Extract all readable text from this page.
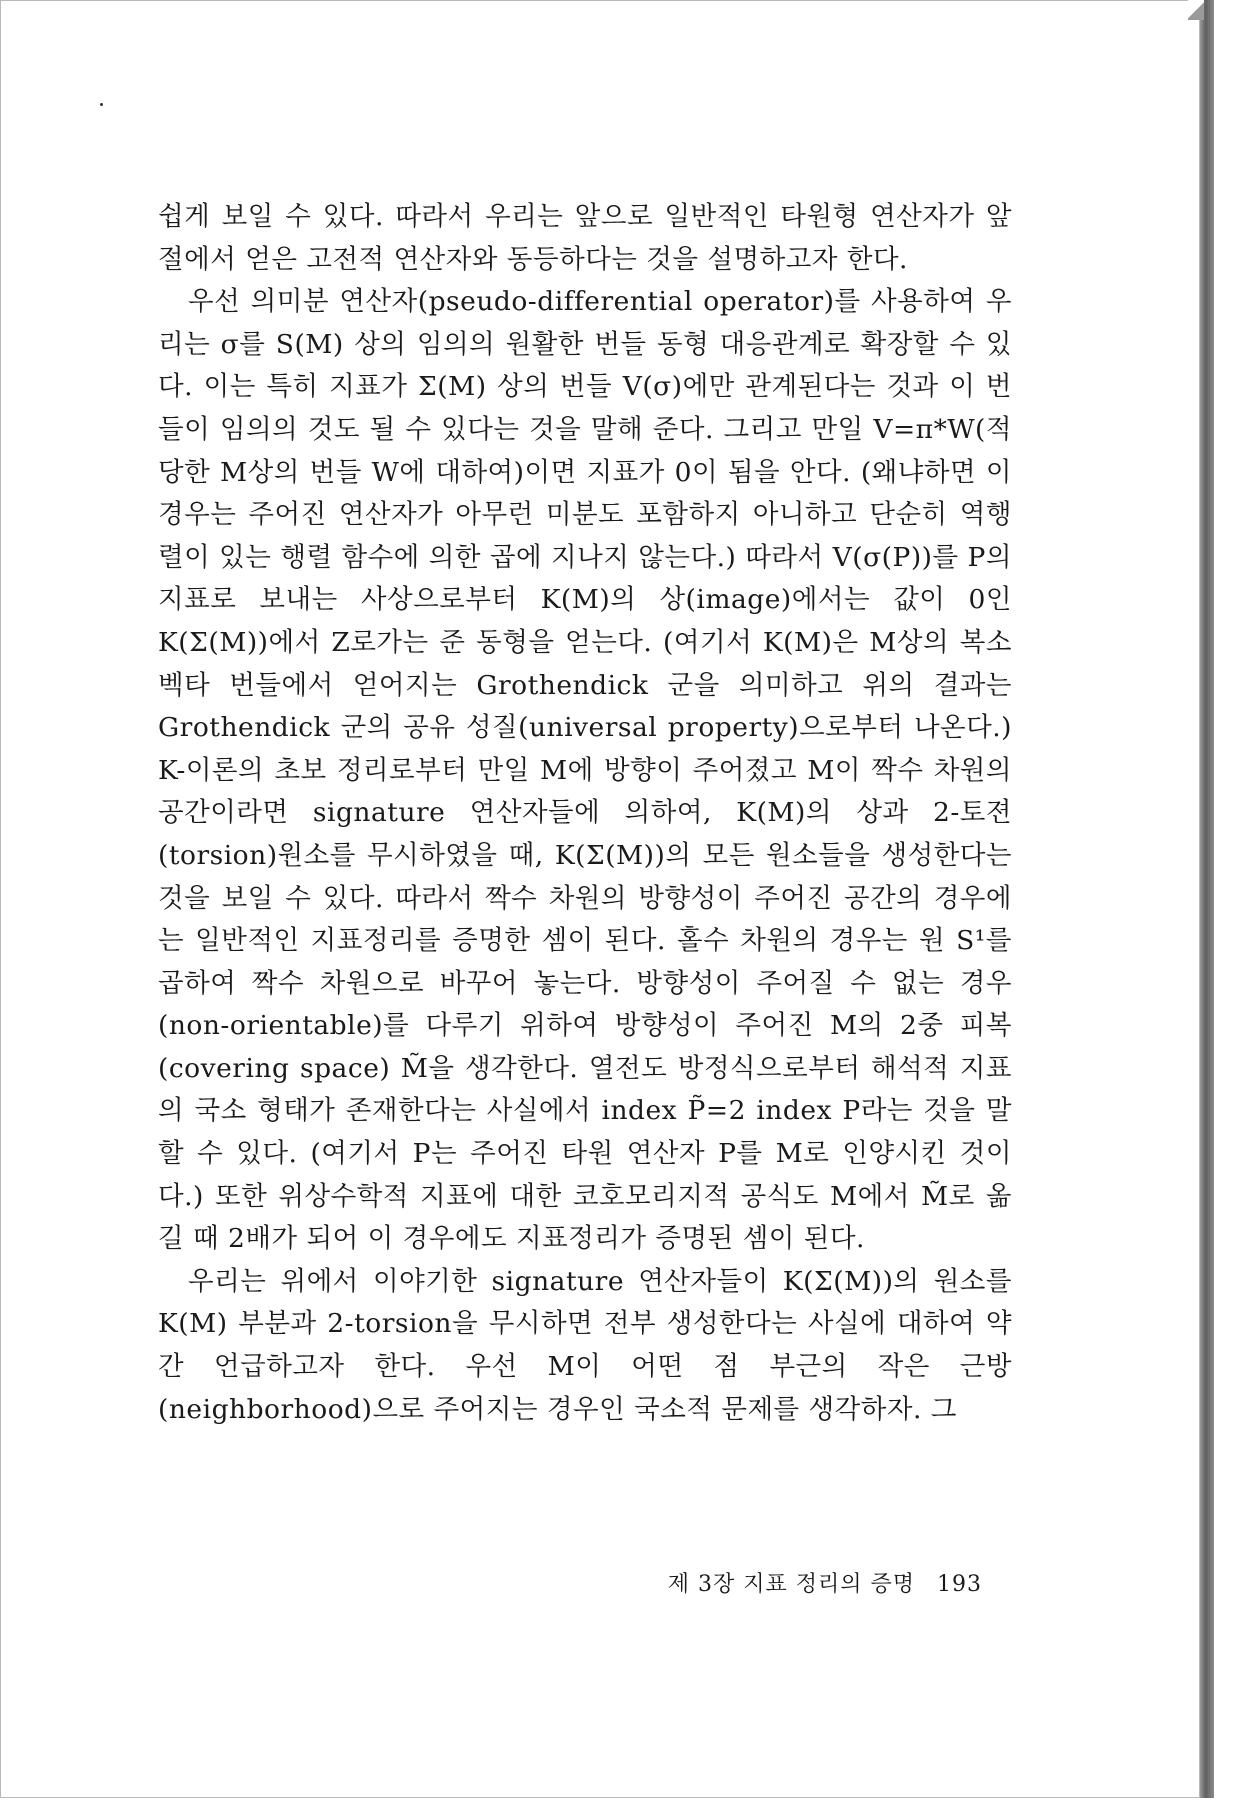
쉽게 보일 수 있다. 따라서 우리는 앞으로 일반적인 타원형 연산자가 앞 절에서 얻은 고전적 연산자와 동등하다는 것을 설명하고자 한다.

우선 의미분 연산자(pseudo-differential operator)를 사용하여 우리는 σ를 S(M) 상의 임의의 원활한 번들 동형 대응관계로 확장할 수 있다. 이는 특히 지표가 Σ(M) 상의 번들 V(σ)에만 관계된다는 것과 이 번들이 임의의 것도 될 수 있다는 것을 말해 준다. 그리고 만일 V=π*W(적당한 M상의 번들 W에 대하여)이면 지표가 0이 됨을 안다. (왜냐하면 이 경우는 주어진 연산자가 아무런 미분도 포함하지 아니하고 단순히 역행렬이 있는 행렬 함수에 의한 곱에 지나지 않는다.) 따라서 V(σ(P))를 P의 지표로 보내는 사상으로부터 K(M)의 상(image)에서는 값이 0인 K(Σ(M))에서 Z로가는 준 동형을 얻는다. (여기서 K(M)은 M상의 복소 벡타 번들에서 얻어지는 Grothendick 군을 의미하고 위의 결과는 Grothendick 군의 공유 성질(universal property)으로부터 나온다.) K-이론의 초보 정리로부터 만일 M에 방향이 주어졌고 M이 짝수 차원의 공간이라면 signature 연산자들에 의하여, K(M)의 상과 2-토젼(torsion)원소를 무시하였을 때, K(Σ(M))의 모든 원소들을 생성한다는 것을 보일 수 있다. 따라서 짝수 차원의 방향성이 주어진 공간의 경우에는 일반적인 지표정리를 증명한 셈이 된다. 홀수 차원의 경우는 원 S¹를 곱하여 짝수 차원으로 바꾸어 놓는다. 방향성이 주어질 수 없는 경우(non-orientable)를 다루기 위하여 방향성이 주어진 M의 2중 피복(covering space) M̃을 생각한다. 열전도 방정식으로부터 해석적 지표의 국소 형태가 존재한다는 사실에서 index P̃=2 index P라는 것을 말할 수 있다. (여기서 P는 주어진 타원 연산자 P를 M로 인양시킨 것이다.) 또한 위상수학적 지표에 대한 코호모리지적 공식도 M에서 M̃로 옮길 때 2배가 되어 이 경우에도 지표정리가 증명된 셈이 된다.

우리는 위에서 이야기한 signature 연산자들이 K(Σ(M))의 원소를 K(M) 부분과 2-torsion을 무시하면 전부 생성한다는 사실에 대하여 약간 언급하고자 한다. 우선 M이 어떤 점 부근의 작은 근방(neighborhood)으로 주어지는 경우인 국소적 문제를 생각하자. 그

제 3장 지표 정리의 증명 193
